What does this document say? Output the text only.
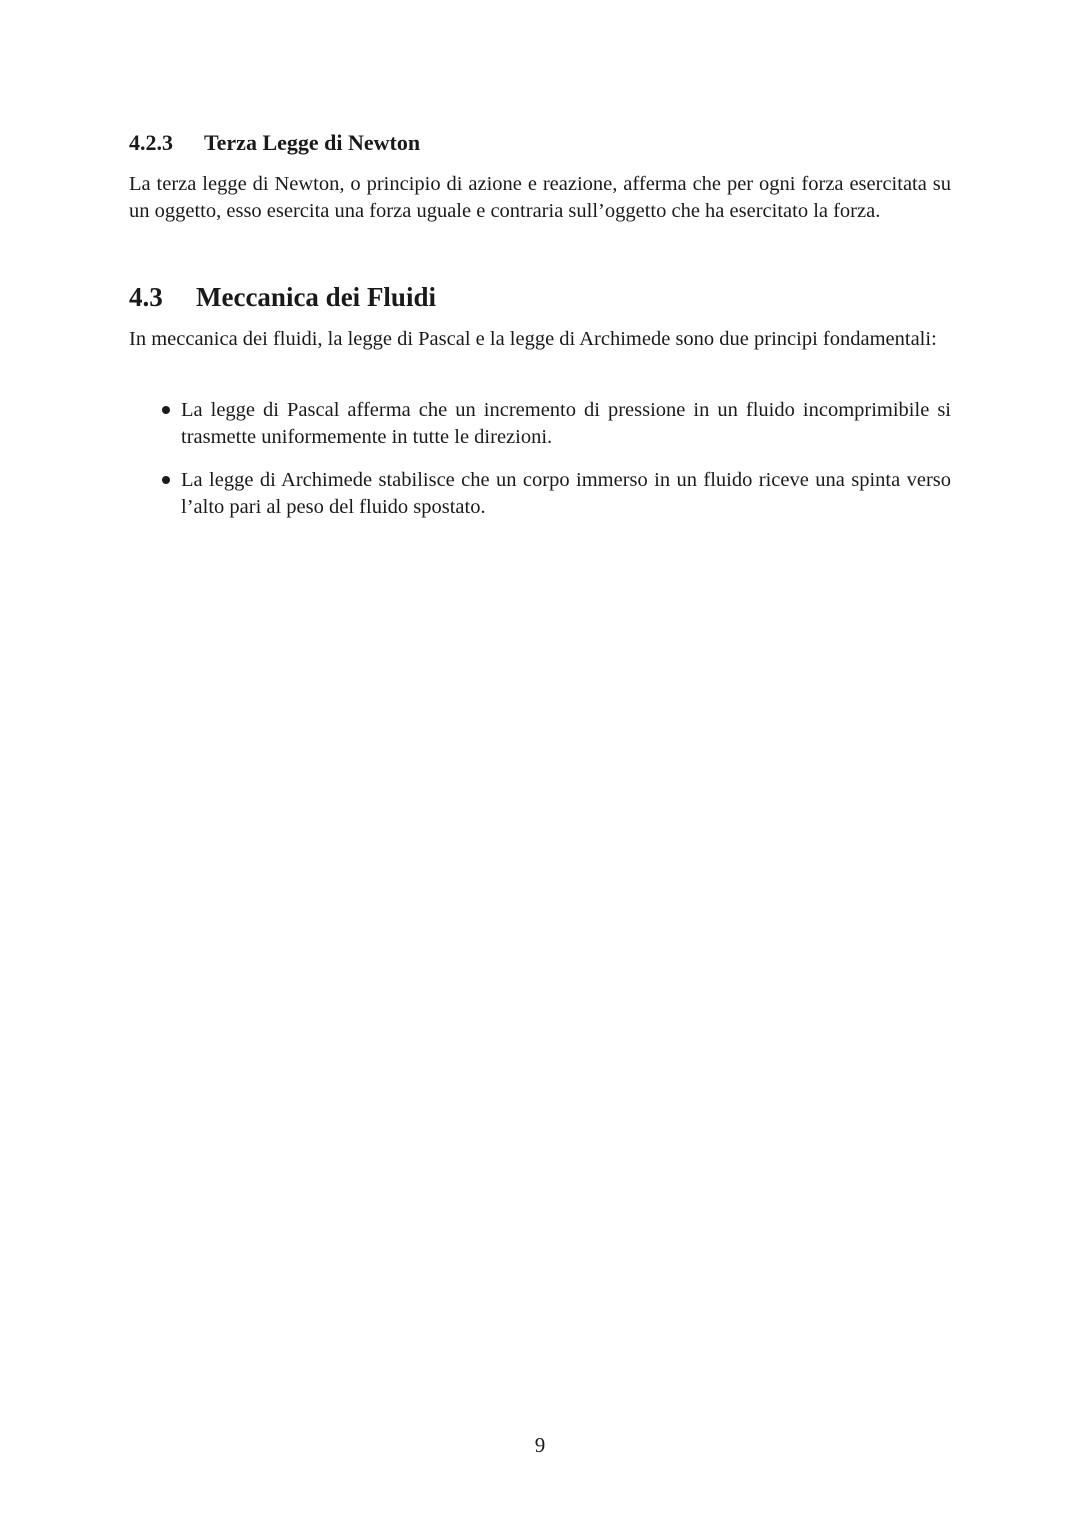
4.2.3 Terza Legge di Newton
La terza legge di Newton, o principio di azione e reazione, afferma che per ogni forza esercitata su un oggetto, esso esercita una forza uguale e contraria sull’oggetto che ha esercitato la forza.
4.3 Meccanica dei Fluidi
In meccanica dei fluidi, la legge di Pascal e la legge di Archimede sono due principi fondamentali:
La legge di Pascal afferma che un incremento di pressione in un fluido incomprimibile si trasmette uniformemente in tutte le direzioni.
La legge di Archimede stabilisce che un corpo immerso in un fluido riceve una spinta verso l’alto pari al peso del fluido spostato.
9
